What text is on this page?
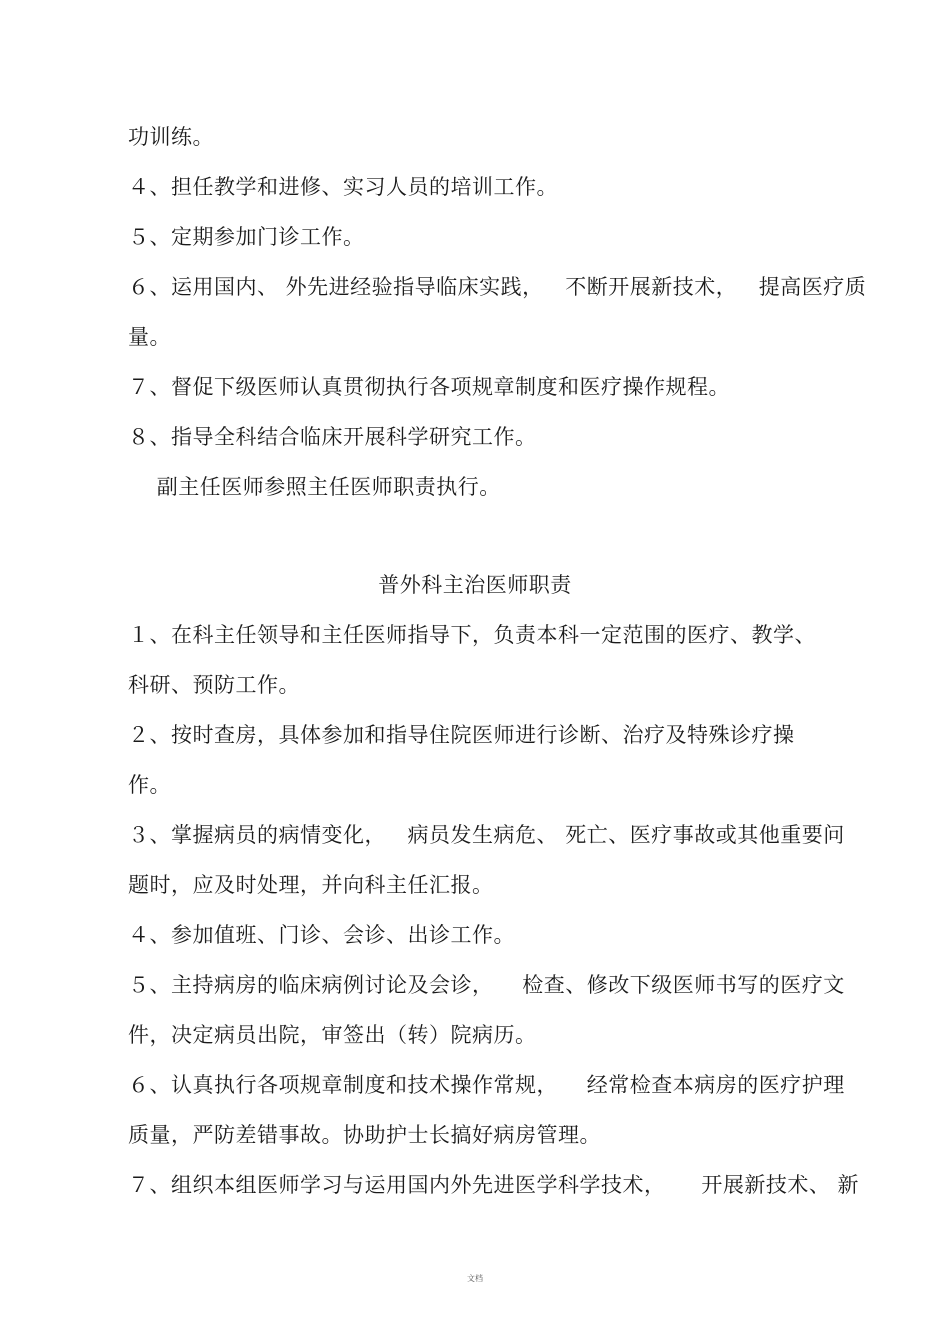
功训练。
４、担任教学和进修、实习人员的培训工作。
５、定期参加门诊工作。
６、运用国内、 外先进经验指导临床实践，   不断开展新技术，   提高医疗质
量。
７、督促下级医师认真贯彻执行各项规章制度和医疗操作规程。
８、指导全科结合临床开展科学研究工作。
副主任医师参照主任医师职责执行。
普外科主治医师职责
１、在科主任领导和主任医师指导下，负责本科一定范围的医疗、教学、
科研、预防工作。
２、按时查房，具体参加和指导住院医师进行诊断、治疗及特殊诊疗操
作。
３、掌握病员的病情变化，   病员发生病危、 死亡、医疗事故或其他重要问
题时，应及时处理，并向科主任汇报。
４、参加值班、门诊、会诊、出诊工作。
５、主持病房的临床病例讨论及会诊，    检查、修改下级医师书写的医疗文
件，决定病员出院，审签出（转）院病历。
６、认真执行各项规章制度和技术操作常规，    经常检查本病房的医疗护理
质量，严防差错事故。协助护士长搞好病房管理。
７、组织本组医师学习与运用国内外先进医学科学技术，     开展新技术、 新
文档
